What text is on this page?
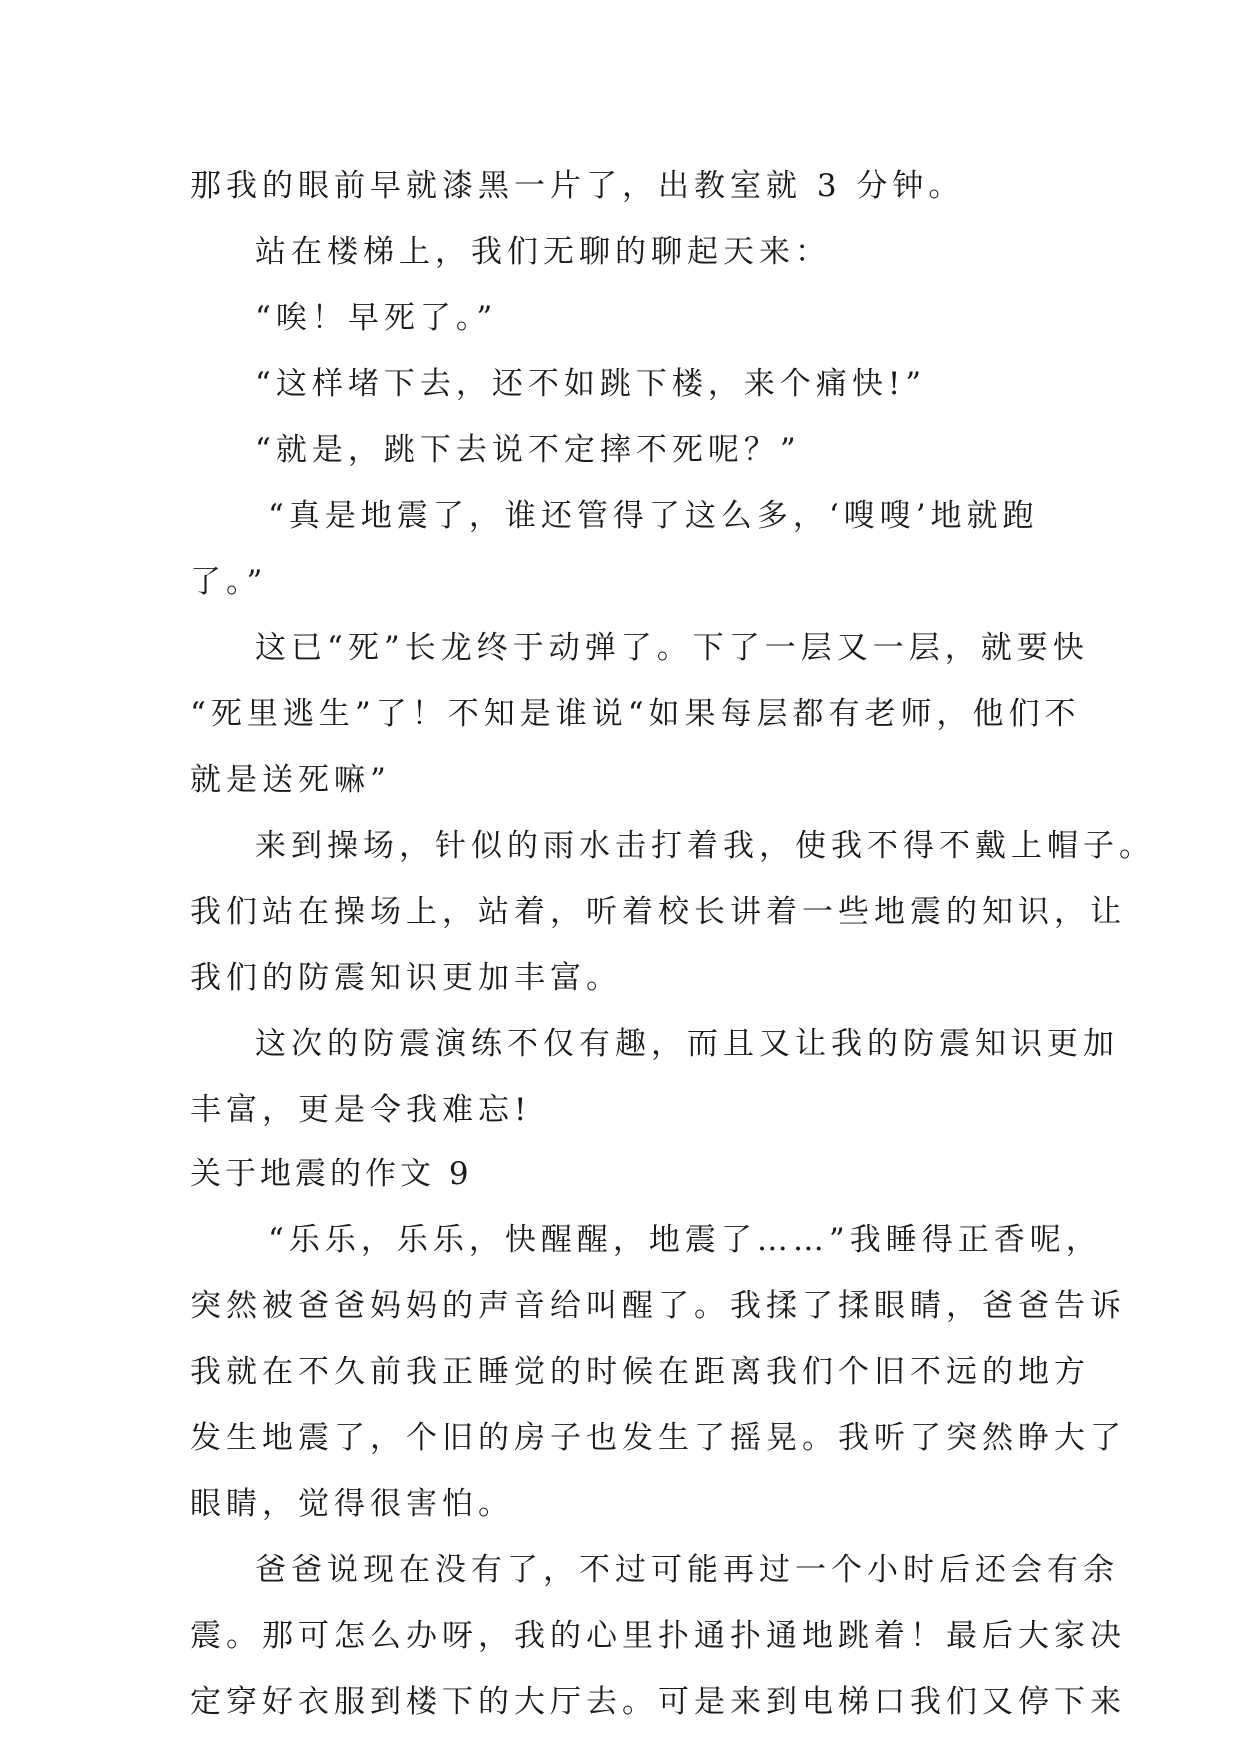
那我的眼前早就漆黑一片了，出教室就 3 分钟。
站在楼梯上，我们无聊的聊起天来：
“唉！早死了。”
“这样堵下去，还不如跳下楼，来个痛快!”
“就是，跳下去说不定摔不死呢？”
“真是地震了，谁还管得了这么多，‘嗖嗖’地就跑
了。”
这已“死”长龙终于动弹了。下了一层又一层，就要快
“死里逃生”了！不知是谁说“如果每层都有老师，他们不
就是送死嘛”
来到操场，针似的雨水击打着我，使我不得不戴上帽子。
我们站在操场上，站着，听着校长讲着一些地震的知识，让
我们的防震知识更加丰富。
这次的防震演练不仅有趣，而且又让我的防震知识更加
丰富，更是令我难忘!
关于地震的作文 9
“乐乐，乐乐，快醒醒，地震了……”我睡得正香呢，
突然被爸爸妈妈的声音给叫醒了。我揉了揉眼睛，爸爸告诉
我就在不久前我正睡觉的时候在距离我们个旧不远的地方
发生地震了，个旧的房子也发生了摇晃。我听了突然睁大了
眼睛，觉得很害怕。
爸爸说现在没有了，不过可能再过一个小时后还会有余
震。那可怎么办呀，我的心里扑通扑通地跳着！最后大家决
定穿好衣服到楼下的大厅去。可是来到电梯口我们又停下来
